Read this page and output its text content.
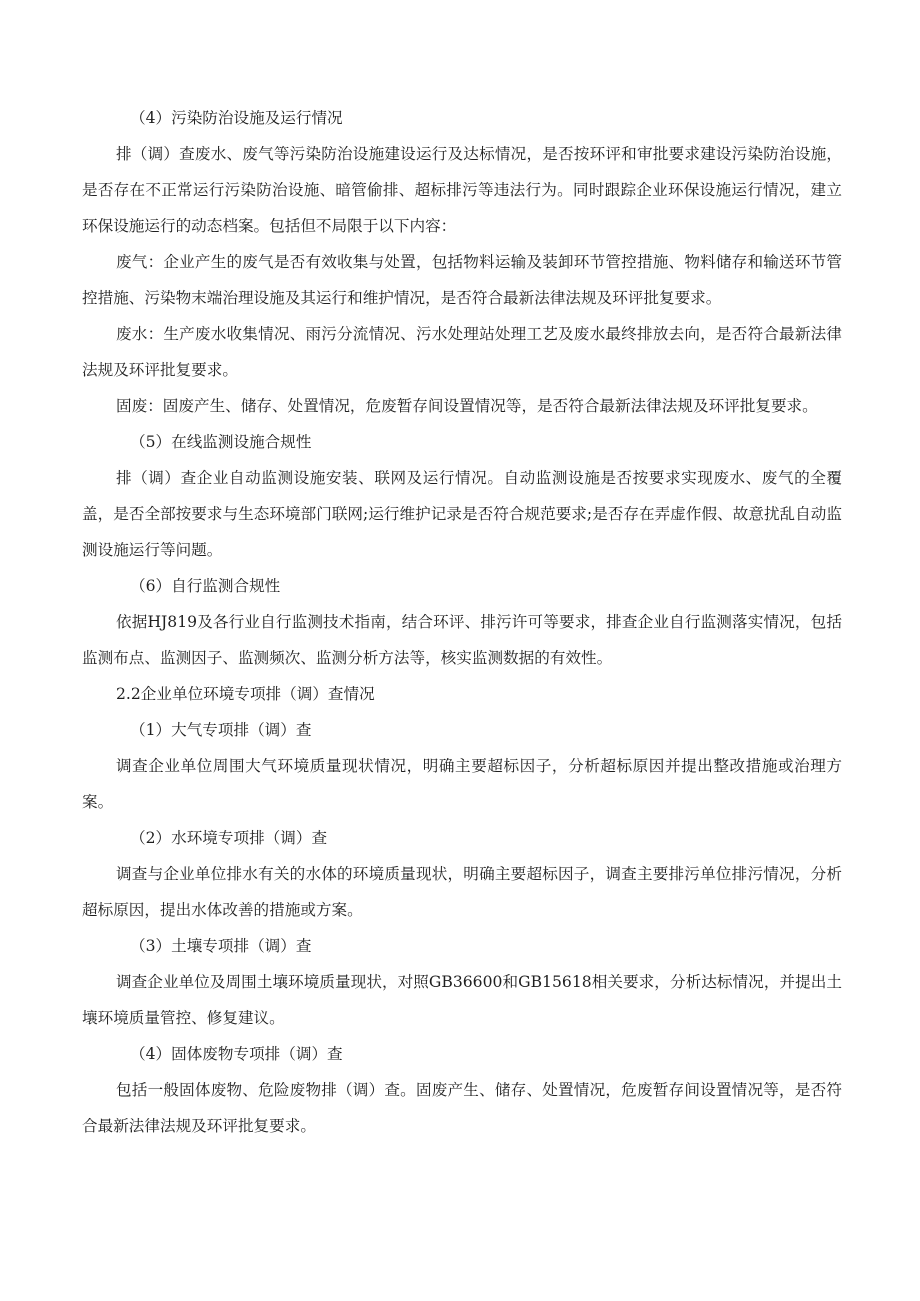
（4）污染防治设施及运行情况

排（调）查废水、废气等污染防治设施建设运行及达标情况，是否按环评和审批要求建设污染防治设施，是否存在不正常运行污染防治设施、暗管偷排、超标排污等违法行为。同时跟踪企业环保设施运行情况，建立环保设施运行的动态档案。包括但不局限于以下内容：

废气：企业产生的废气是否有效收集与处置，包括物料运输及装卸环节管控措施、物料储存和输送环节管控措施、污染物末端治理设施及其运行和维护情况，是否符合最新法律法规及环评批复要求。

废水：生产废水收集情况、雨污分流情况、污水处理站处理工艺及废水最终排放去向，是否符合最新法律法规及环评批复要求。

固废：固废产生、储存、处置情况，危废暂存间设置情况等，是否符合最新法律法规及环评批复要求。

（5）在线监测设施合规性

排（调）查企业自动监测设施安装、联网及运行情况。自动监测设施是否按要求实现废水、废气的全覆盖，是否全部按要求与生态环境部门联网;运行维护记录是否符合规范要求;是否存在弄虚作假、故意扰乱自动监测设施运行等问题。

（6）自行监测合规性

依据HJ819及各行业自行监测技术指南，结合环评、排污许可等要求，排查企业自行监测落实情况，包括监测布点、监测因子、监测频次、监测分析方法等，核实监测数据的有效性。

2.2企业单位环境专项排（调）查情况

（1）大气专项排（调）查

调查企业单位周围大气环境质量现状情况，明确主要超标因子，分析超标原因并提出整改措施或治理方案。

（2）水环境专项排（调）查

调查与企业单位排水有关的水体的环境质量现状，明确主要超标因子，调查主要排污单位排污情况，分析超标原因，提出水体改善的措施或方案。

（3）土壤专项排（调）查

调查企业单位及周围土壤环境质量现状，对照GB36600和GB15618相关要求，分析达标情况，并提出土壤环境质量管控、修复建议。

（4）固体废物专项排（调）查

包括一般固体废物、危险废物排（调）查。固废产生、储存、处置情况，危废暂存间设置情况等，是否符合最新法律法规及环评批复要求。
